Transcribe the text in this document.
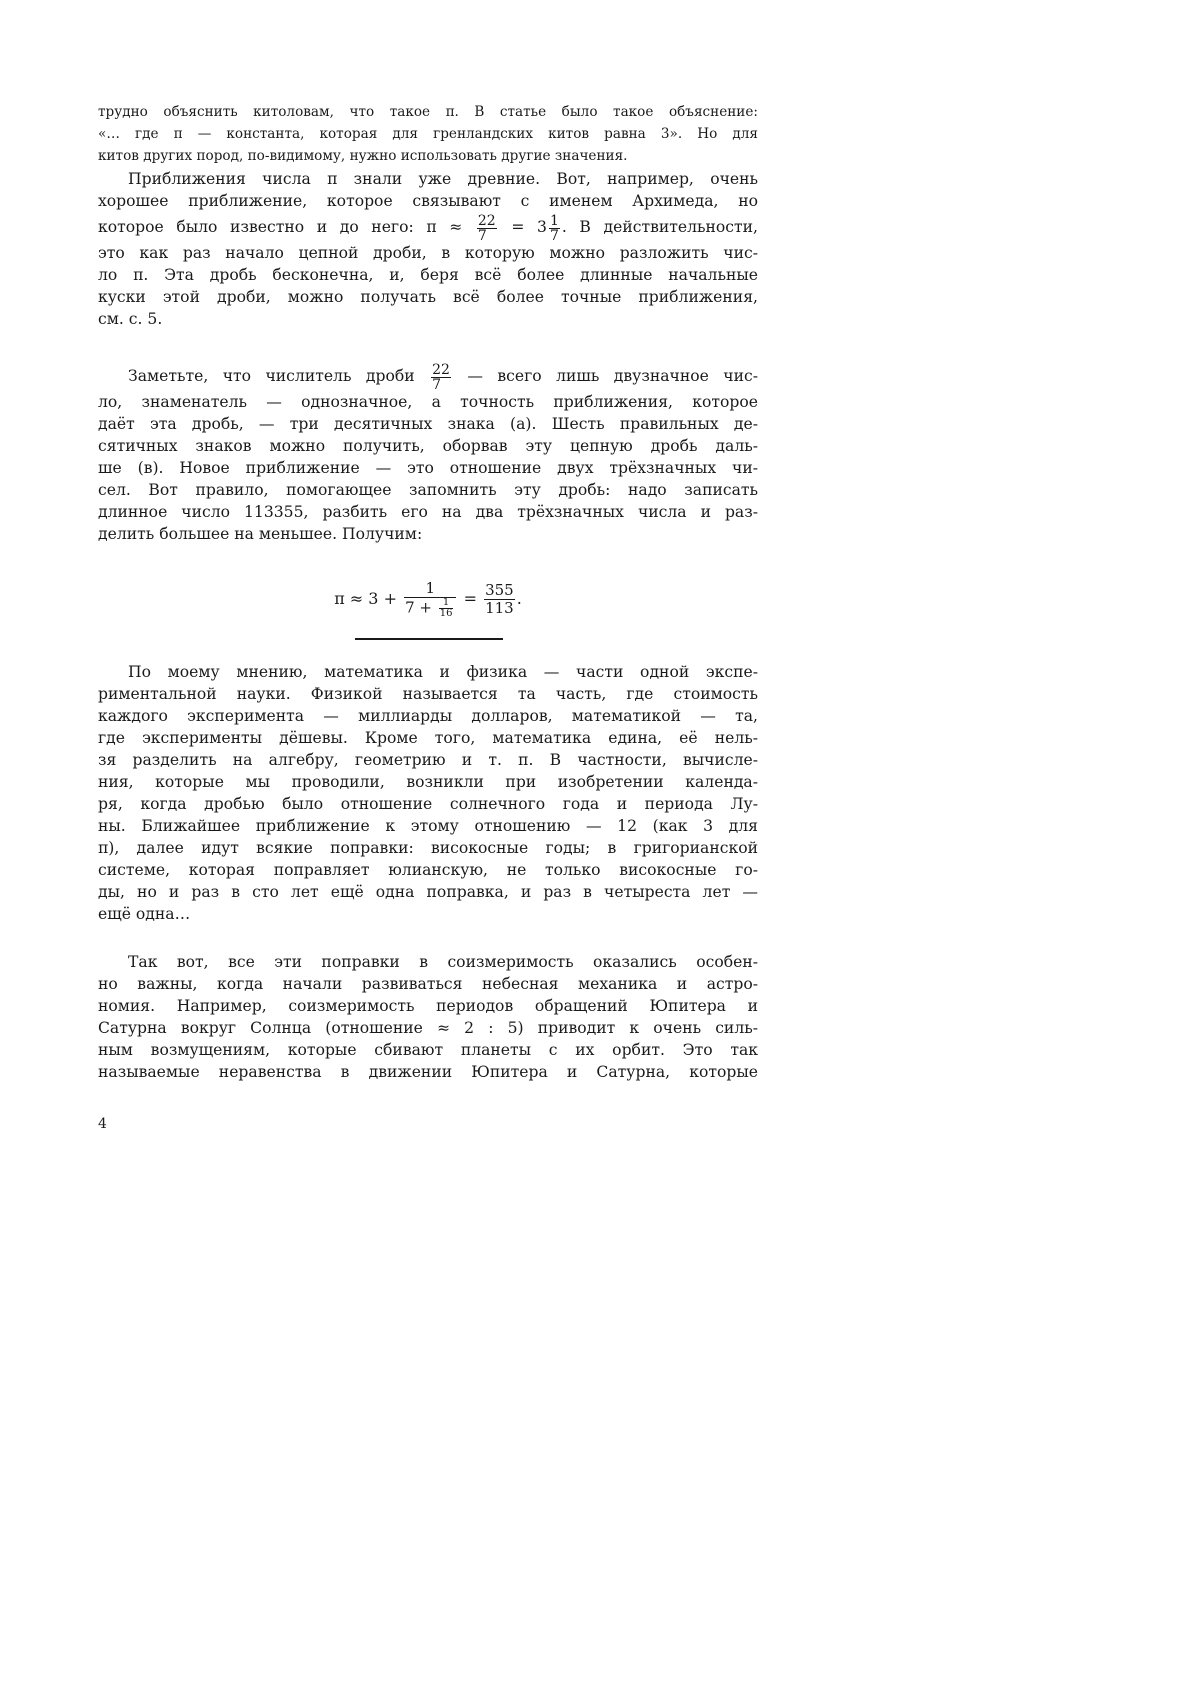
трудно объяснить китоловам, что такое π. В статье было такое объяснение:
«… где π — константа, которая для гренландских китов равна 3». Но для
китов других пород, по-видимому, нужно использовать другие значения.
Приближения числа π знали уже древние. Вот, например, очень
хорошее приближение, которое связывают с именем Архимеда, но
которое было известно и до него: $\pi \approx \frac{22}{7} = 3 \frac{1}{7}$ . В действительности,
это как раз начало цепной дроби, в которую можно разложить чис-
ло π. Эта дробь бесконечна, и, беря всё более длинные начальные
куски этой дроби, можно получать всё более точные приближения,
см. с. 5.
Заметьте, что числитель дроби $\frac{22}{7}$ — всего лишь двузначное чис-
ло, знаменатель — однозначное, а точность приближения, которое
даёт эта дробь, — три десятичных знака (а). Шесть правильных де-
сятичных знаков можно получить, оборвав эту цепную дробь даль-
ше (в). Новое приближение — это отношение двух трёхзначных чи-
сел. Вот правило, помогающее запомнить эту дробь: надо записать
длинное число 113355, разбить его на два трёхзначных числа и раз-
делить большее на меньшее. Получим:
$\pi \approx 3 + \frac{1}{7 + \frac{1}{16}} = \frac{355}{113}$ .
По моему мнению, математика и физика — части одной экспе-
риментальной науки. Физикой называется та часть, где стоимость
каждого эксперимента — миллиарды долларов, математикой — та,
где эксперименты дёшевы. Кроме того, математика едина, её нель-
зя разделить на алгебру, геометрию и т. п. В частности, вычисле-
ния, которые мы проводили, возникли при изобретении календа-
ря, когда дробью было отношение солнечного года и периода Лу-
ны. Ближайшее приближение к этому отношению — 12 (как 3 для
π), далее идут всякие поправки: високосные годы; в григорианской
системе, которая поправляет юлианскую, не только високосные го-
ды, но и раз в сто лет ещё одна поправка, и раз в четыреста лет —
ещё одна…
Так вот, все эти поправки в соизмеримость оказались особен-
но важны, когда начали развиваться небесная механика и астро-
номия. Например, соизмеримость периодов обращений Юпитера и
Сатурна вокруг Солнца (отношение ≈ 2 : 5) приводит к очень силь-
ным возмущениям, которые сбивают планеты с их орбит. Это так
называемые неравенства в движении Юпитера и Сатурна, которые
4
